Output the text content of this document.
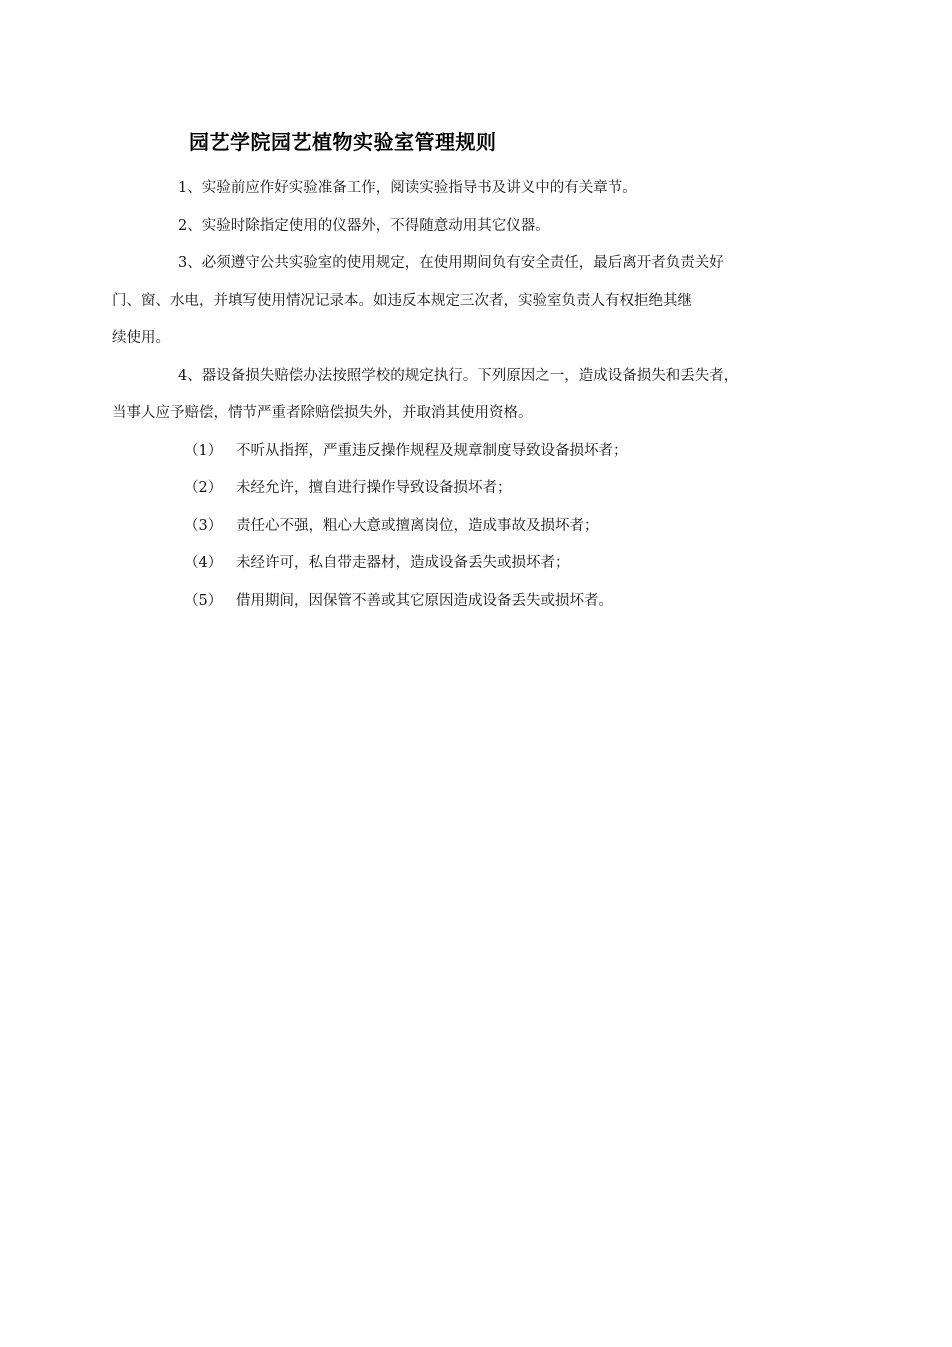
园艺学院园艺植物实验室管理规则

1、实验前应作好实验准备工作，阅读实验指导书及讲义中的有关章节。

2、实验时除指定使用的仪器外，不得随意动用其它仪器。

3、必须遵守公共实验室的使用规定，在使用期间负有安全责任，最后离开者负责关好
门、窗、水电，并填写使用情况记录本。如违反本规定三次者，实验室负责人有权拒绝其继
续使用。

4、器设备损失赔偿办法按照学校的规定执行。下列原因之一，造成设备损失和丢失者，
当事人应予赔偿，情节严重者除赔偿损失外，并取消其使用资格。

（1） 不听从指挥，严重违反操作规程及规章制度导致设备损坏者；

（2） 未经允许，擅自进行操作导致设备损坏者；

（3） 责任心不强，粗心大意或擅离岗位，造成事故及损坏者；

（4） 未经许可，私自带走器材，造成设备丢失或损坏者；

（5） 借用期间，因保管不善或其它原因造成设备丢失或损坏者。
